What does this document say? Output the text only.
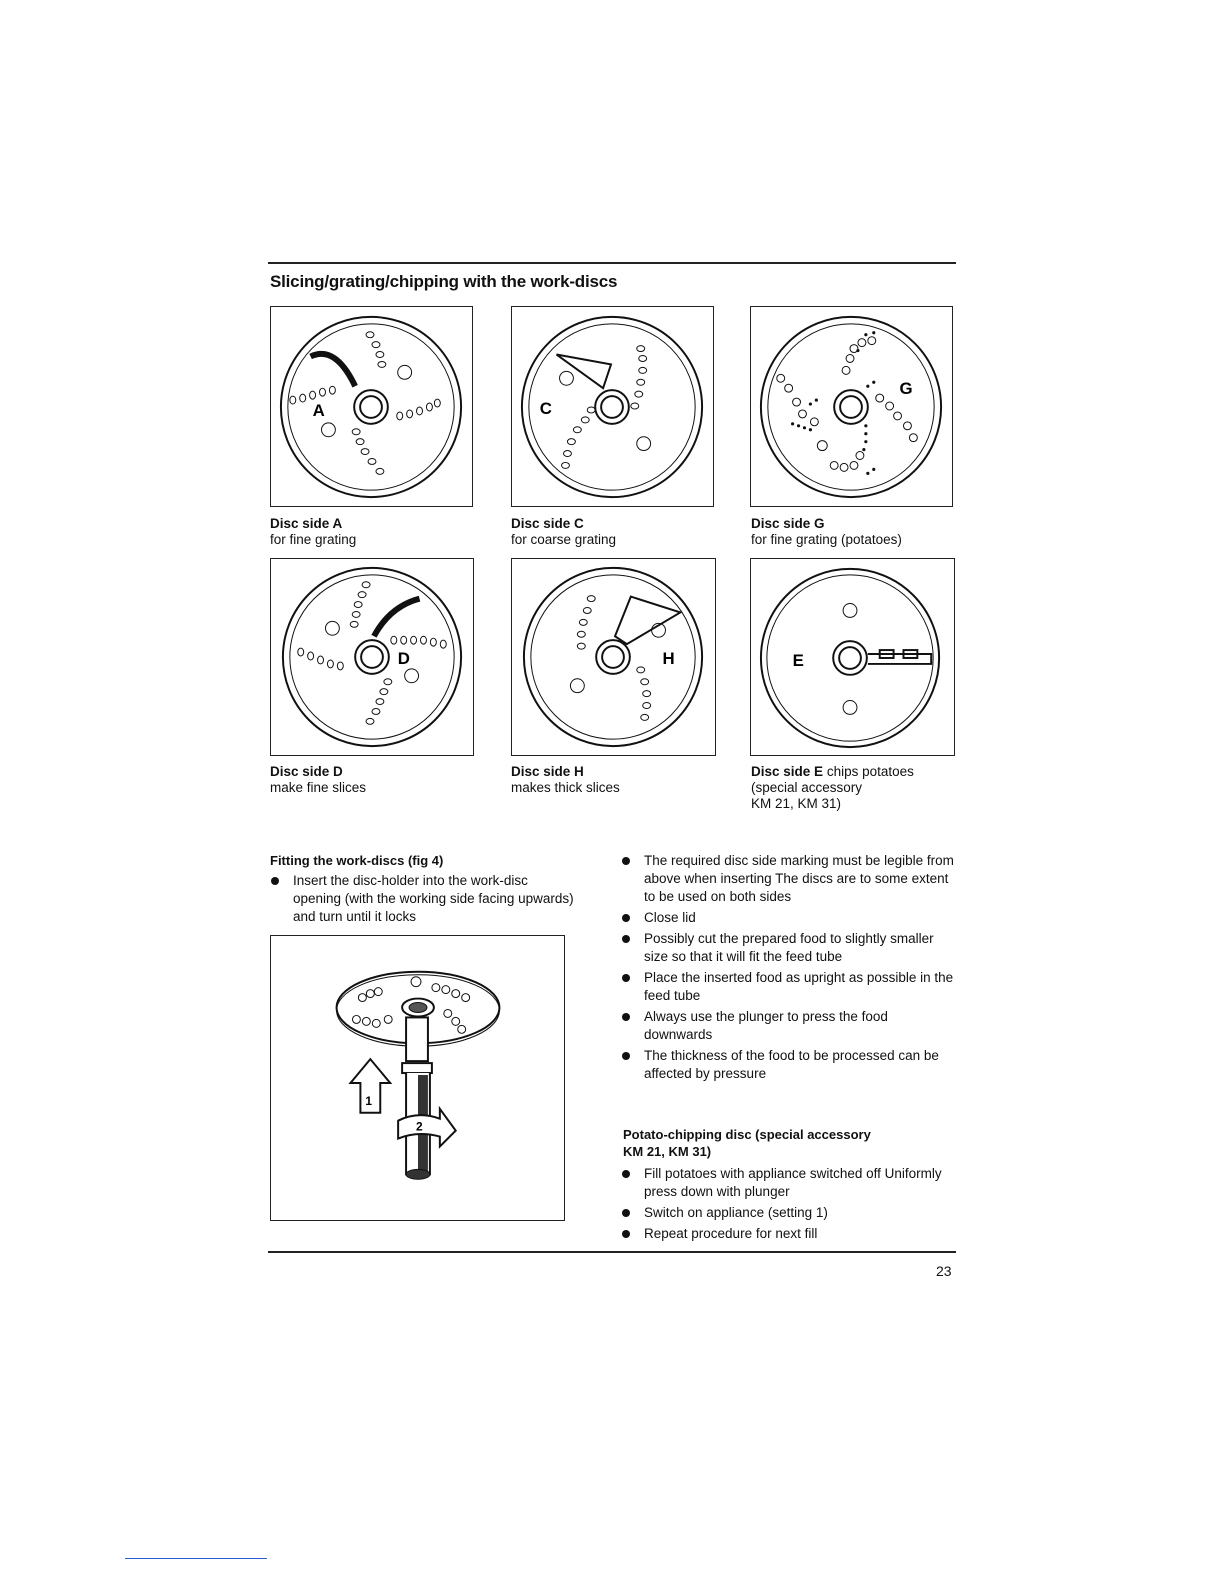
Slicing/grating/chipping with the work-discs
A	C
G
Disc side A
for fine grating
Disc side C
for coarse grating
Disc side G
for fine grating (potatoes)
D	H	E
Disc side D
make fine slices
Disc side H
makes thick slices
Disc side E chips potatoes
(special accessory
KM 21, KM 31)
Fitting the work-discs (fig 4)
Insert the disc-holder into the work-disc opening (with the working side facing upwards) and turn until it locks
1
2
The required disc side marking must be legible from above when inserting The discs are to some extent to be used on both sides
Close lid
Possibly cut the prepared food to slightly smaller size so that it will fit the feed tube
Place the inserted food as upright as possible in the feed tube
Always use the plunger to press the food downwards
The thickness of the food to be processed can be affected by pressure
Potato-chipping disc (special accessory
KM 21, KM 31)
Fill potatoes with appliance switched off Uniformly press down with plunger
Switch on appliance (setting 1)
Repeat procedure for next fill
23
